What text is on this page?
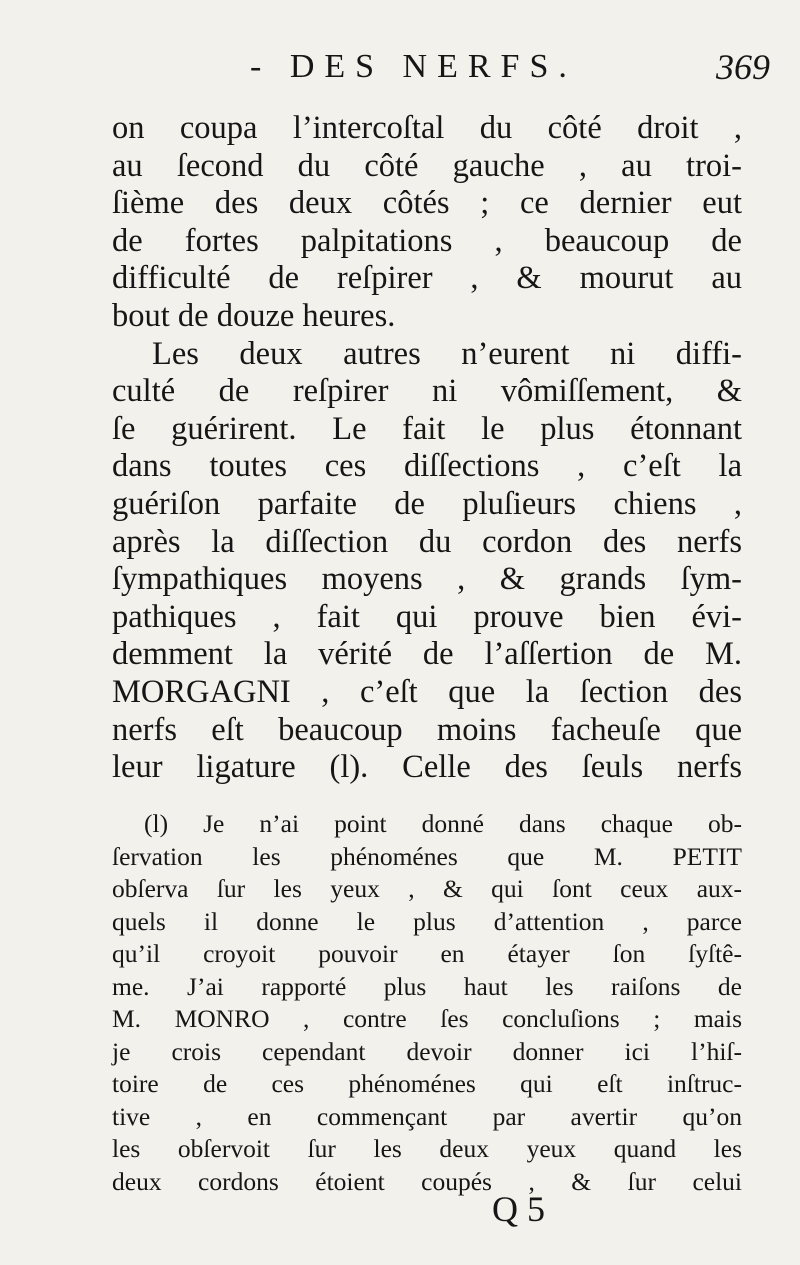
- DES NERFS.	369
on coupa l’intercoſtal du côté droit ,
au ſecond du côté gauche , au troi-
ſième des deux côtés ; ce dernier eut
de fortes palpitations , beaucoup de
difficulté de reſpirer , & mourut au
bout de douze heures.
Les deux autres n’eurent ni diffi-
culté de reſpirer ni vômiſſement, &
ſe guérirent. Le fait le plus étonnant
dans toutes ces diſſections , c’eſt la
guériſon parfaite de pluſieurs chiens ,
après la diſſection du cordon des nerfs
ſympathiques moyens , & grands ſym-
pathiques , fait qui prouve bien évi-
demment la vérité de l’aſſertion de M.
MORGAGNI , c’eſt que la ſection des
nerfs eſt beaucoup moins facheuſe que
leur ligature (l). Celle des ſeuls nerfs
(l) Je n’ai point donné dans chaque ob-
ſervation les phénoménes que M. PETIT
obſerva ſur les yeux , & qui ſont ceux aux-
quels il donne le plus d’attention , parce
qu’il croyoit pouvoir en étayer ſon ſyſtê-
me. J’ai rapporté plus haut les raiſons de
M. MONRO , contre ſes concluſions ; mais
je crois cependant devoir donner ici l’hiſ-
toire de ces phénoménes qui eſt inſtruc-
tive , en commençant par avertir qu’on
les obſervoit ſur les deux yeux quand les
deux cordons étoient coupés , & ſur celui
Q 5
